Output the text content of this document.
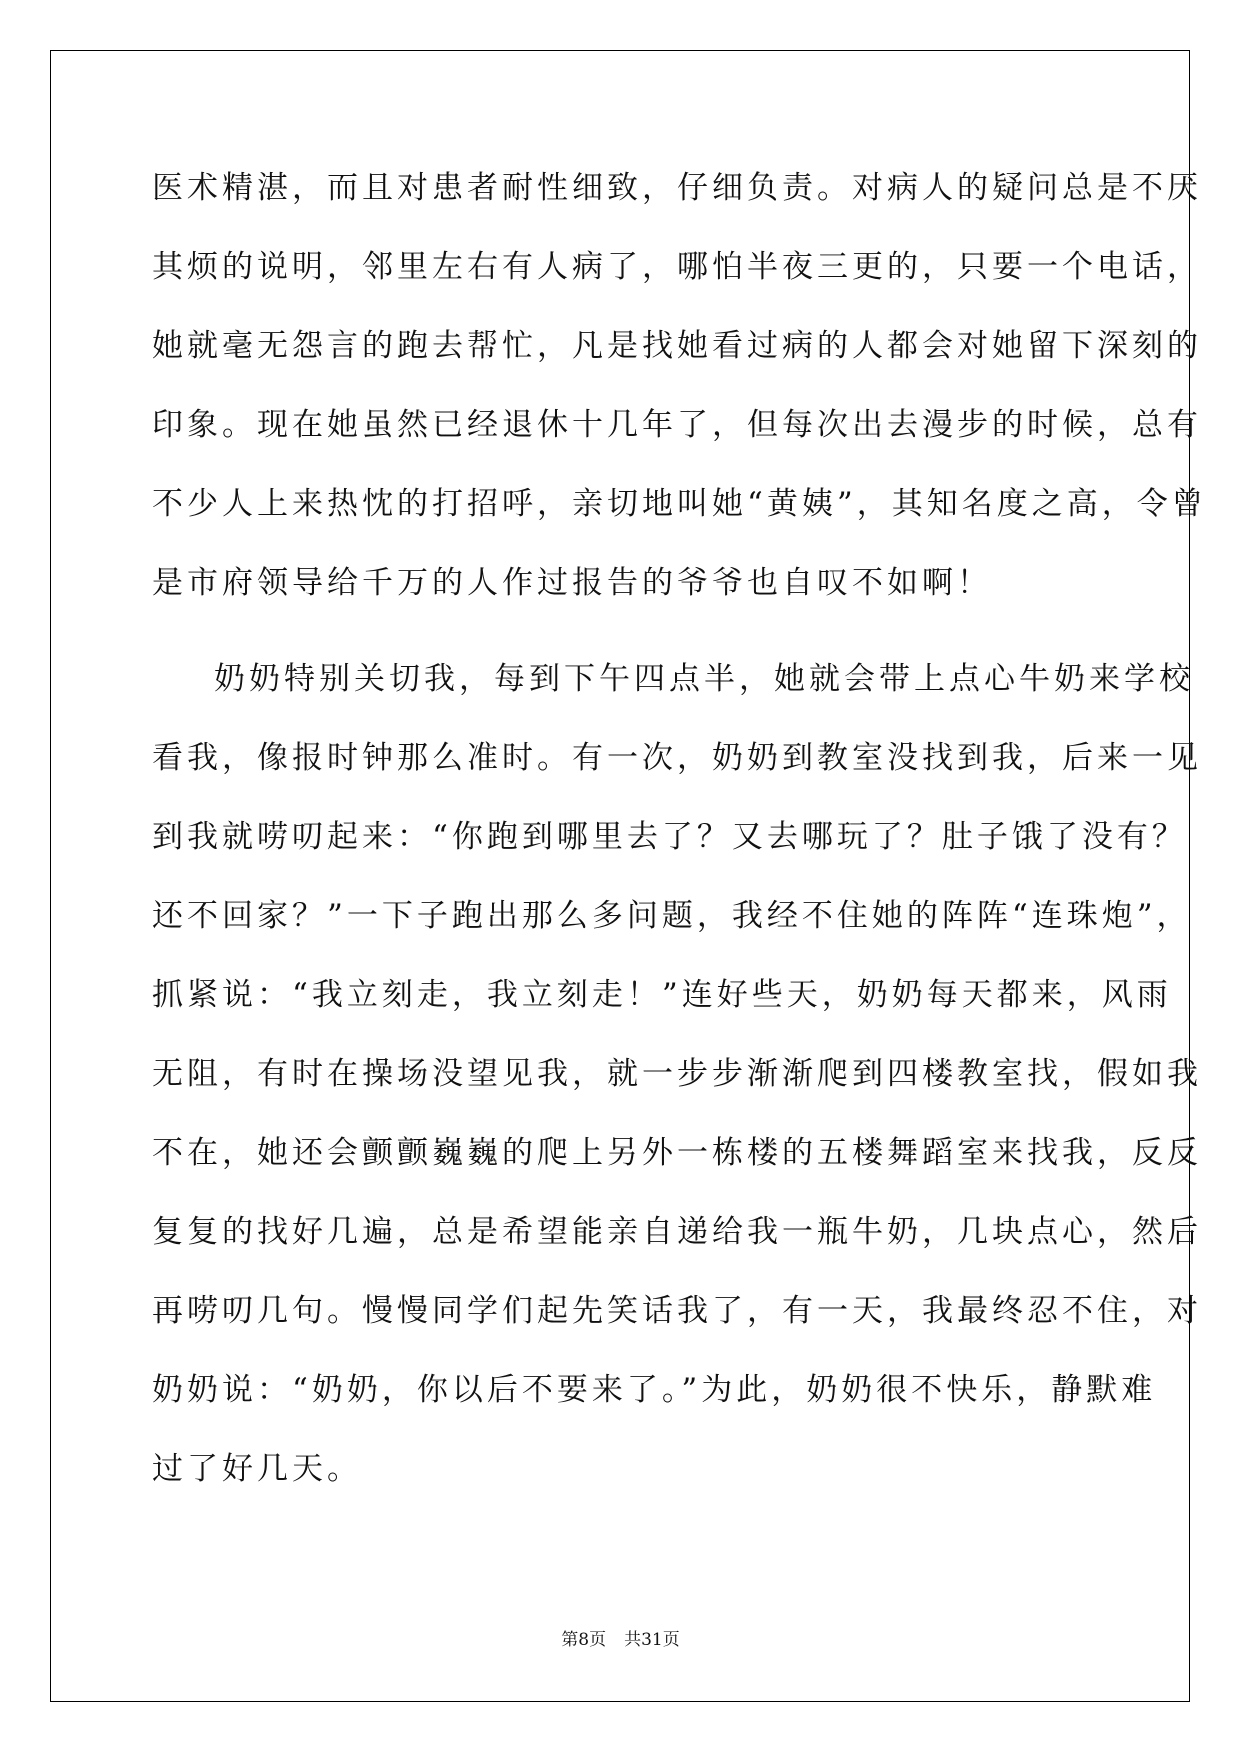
医术精湛，而且对患者耐性细致，仔细负责。对病人的疑问总是不厌

其烦的说明，邻里左右有人病了，哪怕半夜三更的，只要一个电话，

她就毫无怨言的跑去帮忙，凡是找她看过病的人都会对她留下深刻的

印象。现在她虽然已经退休十几年了，但每次出去漫步的时候，总有

不少人上来热忱的打招呼，亲切地叫她“黄姨”，其知名度之高，令曾

是市府领导给千万的人作过报告的爷爷也自叹不如啊！

奶奶特别关切我，每到下午四点半，她就会带上点心牛奶来学校

看我，像报时钟那么准时。有一次，奶奶到教室没找到我，后来一见

到我就唠叨起来：“你跑到哪里去了？又去哪玩了？肚子饿了没有？

还不回家？”一下子跑出那么多问题，我经不住她的阵阵“连珠炮”，

抓紧说：“我立刻走，我立刻走！”连好些天，奶奶每天都来，风雨

无阻，有时在操场没望见我，就一步步渐渐爬到四楼教室找，假如我

不在，她还会颤颤巍巍的爬上另外一栋楼的五楼舞蹈室来找我，反反

复复的找好几遍，总是希望能亲自递给我一瓶牛奶，几块点心，然后

再唠叨几句。慢慢同学们起先笑话我了，有一天，我最终忍不住，对

奶奶说：“奶奶，你以后不要来了。”为此，奶奶很不快乐，静默难

过了好几天。

第8页 共31页
